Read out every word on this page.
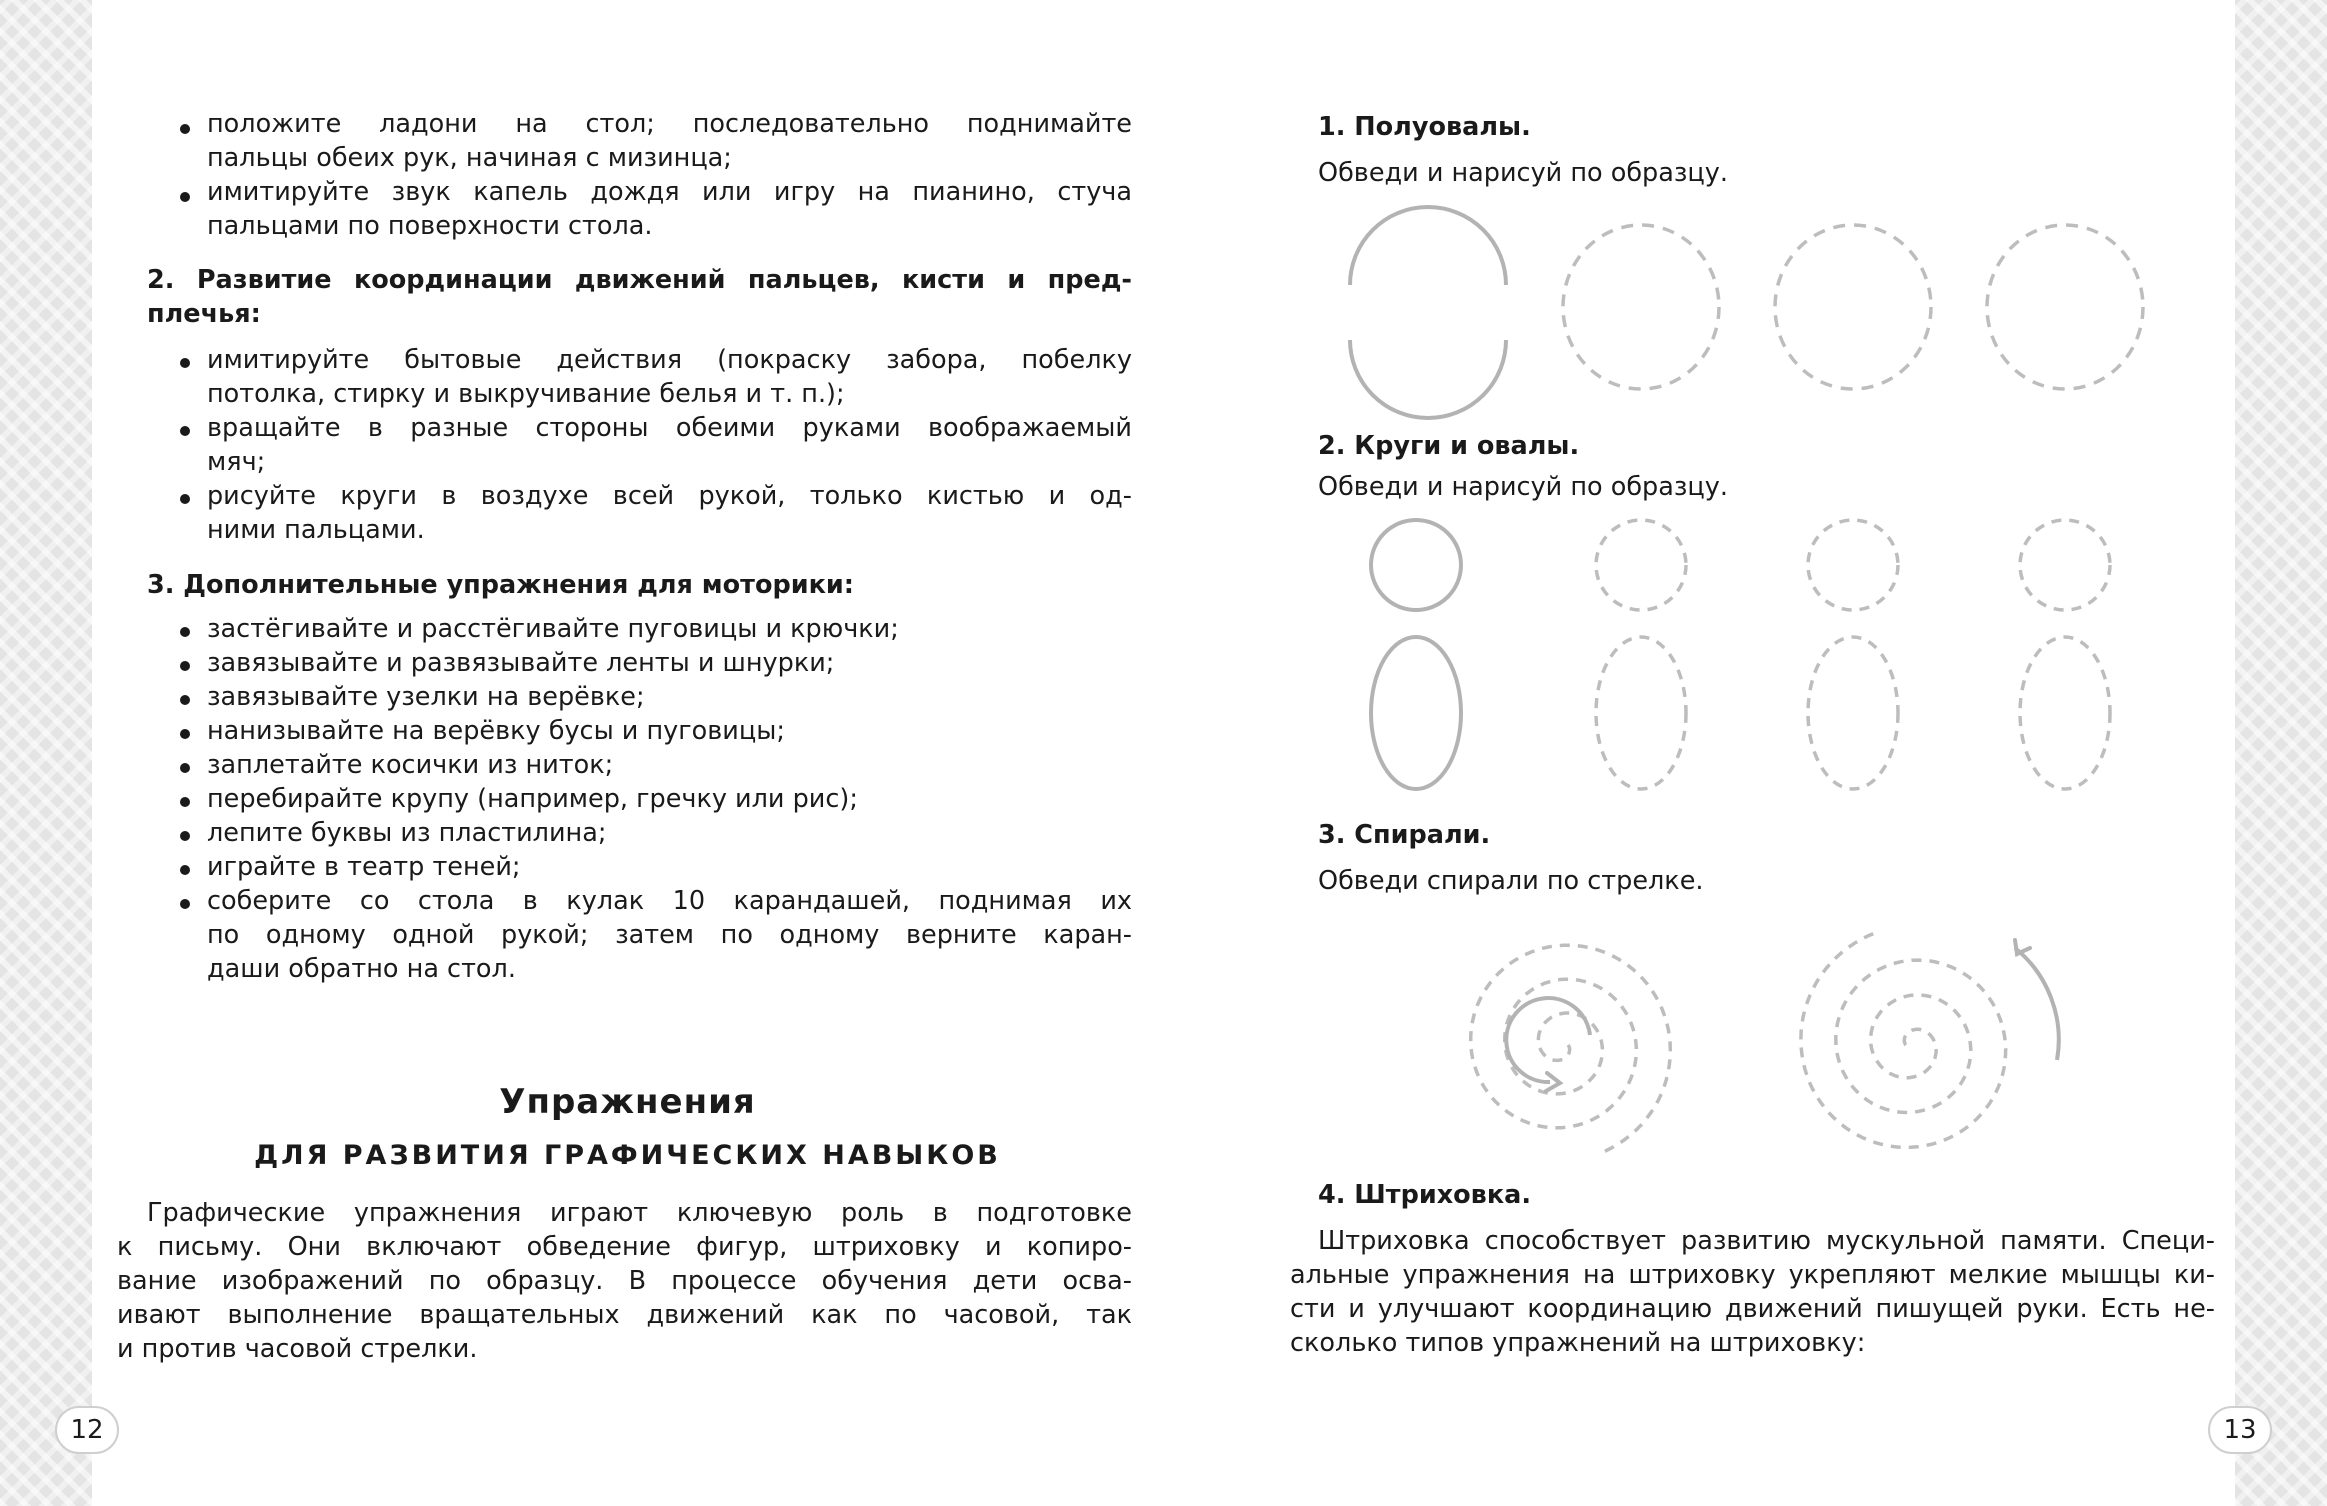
положите ладони на стол; последовательно поднимайте
пальцы обеих рук, начиная с мизинца;
имитируйте звук капель дождя или игру на пианино, стуча
пальцами по поверхности стола.
2. Развитие координации движений пальцев, кисти и пред-
плечья:
имитируйте бытовые действия (покраску забора, побелку
потолка, стирку и выкручивание белья и т. п.);
вращайте в разные стороны обеими руками воображаемый
мяч;
рисуйте круги в воздухе всей рукой, только кистью и од-
ними пальцами.
3. Дополнительные упражнения для моторики:
застёгивайте и расстёгивайте пуговицы и крючки;
завязывайте и развязывайте ленты и шнурки;
завязывайте узелки на верёвке;
нанизывайте на верёвку бусы и пуговицы;
заплетайте косички из ниток;
перебирайте крупу (например, гречку или рис);
лепите буквы из пластилина;
играйте в театр теней;
соберите со стола в кулак 10 карандашей, поднимая их
по одному одной рукой; затем по одному верните каран-
даши обратно на стол.
Упражнения
ДЛЯ РАЗВИТИЯ ГРАФИЧЕСКИХ НАВЫКОВ
Графические упражнения играют ключевую роль в подготовке
к письму. Они включают обведение фигур, штриховку и копиро-
вание изображений по образцу. В процессе обучения дети осва-
ивают выполнение вращательных движений как по часовой, так
и против часовой стрелки.
12
1. Полуовалы.
Обведи и нарисуй по образцу.
2. Круги и овалы.
Обведи и нарисуй по образцу.
3. Спирали.
Обведи спирали по стрелке.
4. Штриховка.
Штриховка способствует развитию мускульной памяти. Специ-
альные упражнения на штриховку укрепляют мелкие мышцы ки-
сти и улучшают координацию движений пишущей руки. Есть не-
сколько типов упражнений на штриховку:
13
